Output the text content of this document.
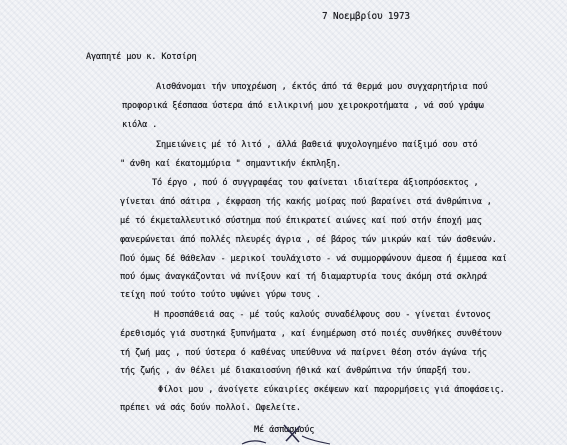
7 Νοεμβρίου 1973
Αγαπητέ μου κ. Κοτσίρη
Αισθάνομαι τήν υποχρέωση , έκτός άπό τά θερμά μου συγχαρητήρια πού
προφορικά ξέσπασα ύστερα άπό ειλικρινή μου χειροκροτήματα , νά σού γράψω
κιόλα .
Σημειώνεις μέ τό λιτό , άλλά βαθειά ψυχολογημένο παίξιμό σου στό
" άνθη καί έκατομμύρια " σημαντικήν έκπληξη.
Τό έργο , πού ό συγγραφέας του φαίνεται ιδιαίτερα άξιοπρόσεκτος ,
γίνεται άπό σάτιρα , έκφραση τής κακής μοίρας πού βαραίνει στά άνθρώπινα ,
μέ τό έκμεταλλευτικό σύστημα πού έπικρατεί αιώνες καί πού στήν έποχή μας
φανερώνεται άπό πολλές πλευρές άγρια , σέ βάρος τών μικρών καί τών άσθενών.
Πού όμως δέ θάθελαν - μερικοί τουλάχιστο - νά συμμορφώνουν άμεσα ή έμμεσα καί
πού όμως άναγκάζονται νά πνίξουν καί τή διαμαρτυρία τους άκόμη στά σκληρά
τείχη πού τούτο τούτο υψώνει γύρω τους .
Η προσπάθειά σας - μέ τούς καλούς συναδέλφους σου - γίνεται έντονος
έρεθισμός γιά συστηκά ξυπνήματα , καί ένημέρωση στό ποιές συνθήκες συνθέτουν
τή ζωή μας , πού ύστερα ό καθένας υπεύθυνα νά παίρνει θέση στόν άγώνα τής
τής ζωής , άν θέλει μέ διακαιοσύνη ήθικά καί άνθρώπινα τήν ύπαρξή του.
Φίλοι μου , άνοίγετε εύκαιρίες σκέψεων καί παρορμήσεις γιά άποφάσεις.
πρέπει νά σάς δούν πολλοί. Ωφελείτε.
Μέ άσπασμούς
